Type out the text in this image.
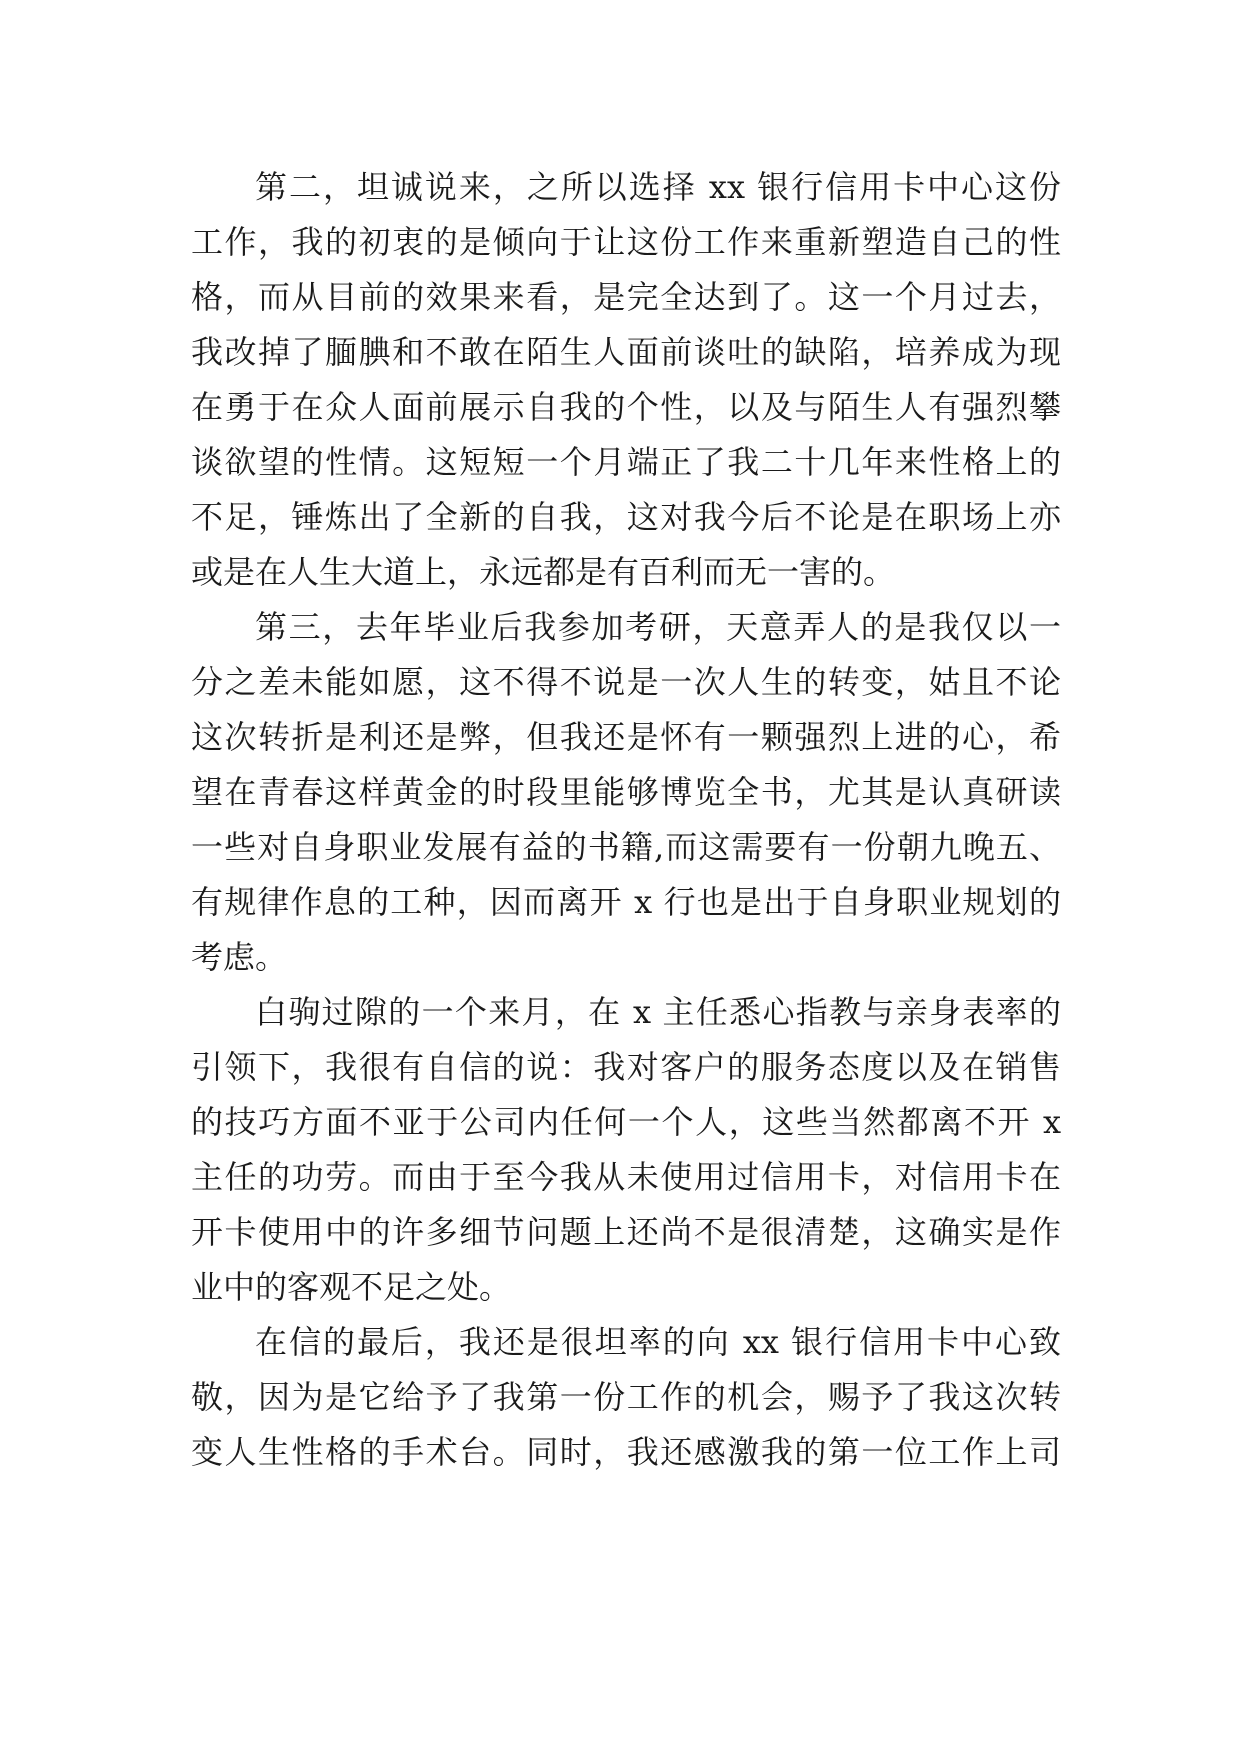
第二，坦诚说来，之所以选择 xx 银行信用卡中心这份
工作，我的初衷的是倾向于让这份工作来重新塑造自己的性
格，而从目前的效果来看，是完全达到了。这一个月过去，
我改掉了腼腆和不敢在陌生人面前谈吐的缺陷，培养成为现
在勇于在众人面前展示自我的个性，以及与陌生人有强烈攀
谈欲望的性情。这短短一个月端正了我二十几年来性格上的
不足，锤炼出了全新的自我，这对我今后不论是在职场上亦
或是在人生大道上，永远都是有百利而无一害的。
第三，去年毕业后我参加考研，天意弄人的是我仅以一
分之差未能如愿，这不得不说是一次人生的转变，姑且不论
这次转折是利还是弊，但我还是怀有一颗强烈上进的心，希
望在青春这样黄金的时段里能够博览全书，尤其是认真研读
一些对自身职业发展有益的书籍,而这需要有一份朝九晚五、
有规律作息的工种，因而离开 x 行也是出于自身职业规划的
考虑。
白驹过隙的一个来月，在 x 主任悉心指教与亲身表率的
引领下，我很有自信的说：我对客户的服务态度以及在销售
的技巧方面不亚于公司内任何一个人，这些当然都离不开 x
主任的功劳。而由于至今我从未使用过信用卡，对信用卡在
开卡使用中的许多细节问题上还尚不是很清楚，这确实是作
业中的客观不足之处。
在信的最后，我还是很坦率的向 xx 银行信用卡中心致
敬，因为是它给予了我第一份工作的机会，赐予了我这次转
变人生性格的手术台。同时，我还感激我的第一位工作上司
